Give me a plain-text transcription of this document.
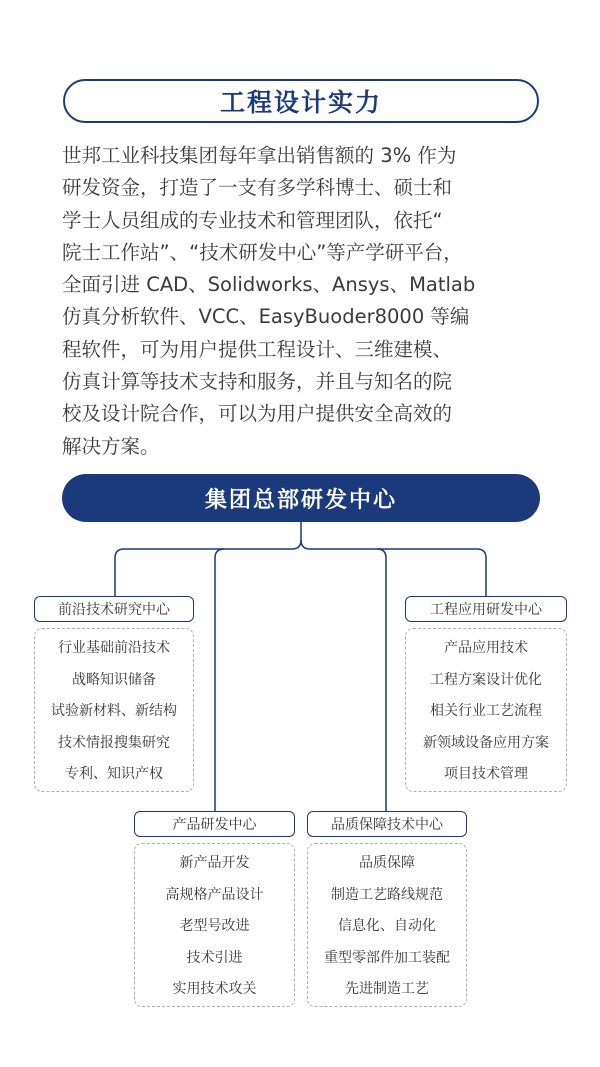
工程设计实力
世邦工业科技集团每年拿出销售额的 3% 作为
研发资金，打造了一支有多学科博士、硕士和
学士人员组成的专业技术和管理团队，依托“
院士工作站”、“技术研发中心”等产学研平台，
全面引进 CAD、Solidworks、Ansys、Matlab
仿真分析软件、VCC、EasyBuoder8000 等编
程软件，可为用户提供工程设计、三维建模、
仿真计算等技术支持和服务，并且与知名的院
校及设计院合作，可以为用户提供安全高效的
解决方案。
集团总部研发中心
前沿技术研究中心
行业基础前沿技术
战略知识储备
试验新材料、新结构
技术情报搜集研究
专利、知识产权
工程应用研发中心
产品应用技术
工程方案设计优化
相关行业工艺流程
新领域设备应用方案
项目技术管理
产品研发中心
新产品开发
高规格产品设计
老型号改进
技术引进
实用技术攻关
品质保障技术中心
品质保障
制造工艺路线规范
信息化、自动化
重型零部件加工装配
先进制造工艺
